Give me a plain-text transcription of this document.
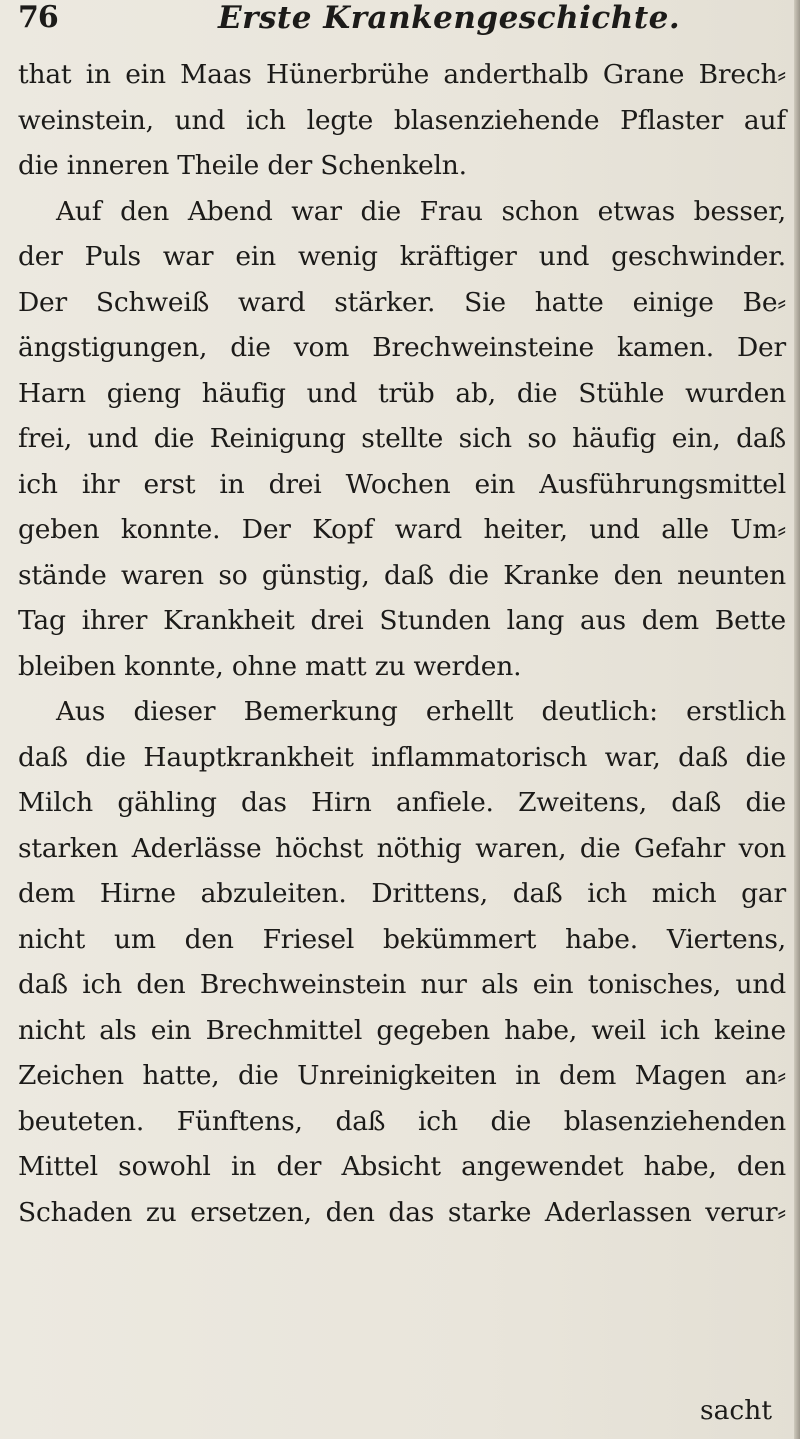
76	Erste Krankengeschichte.
that in ein Maas Hünerbrühe anderthalb Grane Brech⸗
weinstein, und ich legte blasenziehende Pflaster auf
die inneren Theile der Schenkeln.
Auf den Abend war die Frau schon etwas besser,
der Puls war ein wenig kräftiger und geschwinder.
Der Schweiß ward stärker. Sie hatte einige Be⸗
ängstigungen, die vom Brechweinsteine kamen. Der
Harn gieng häufig und trüb ab, die Stühle wurden
frei, und die Reinigung stellte sich so häufig ein, daß
ich ihr erst in drei Wochen ein Ausführungsmittel
geben konnte. Der Kopf ward heiter, und alle Um⸗
stände waren so günstig, daß die Kranke den neunten
Tag ihrer Krankheit drei Stunden lang aus dem Bette
bleiben konnte, ohne matt zu werden.
Aus dieser Bemerkung erhellt deutlich: erstlich
daß die Hauptkrankheit inflammatorisch war, daß die
Milch gähling das Hirn anfiele. Zweitens, daß die
starken Aderlässe höchst nöthig waren, die Gefahr von
dem Hirne abzuleiten. Drittens, daß ich mich gar
nicht um den Friesel bekümmert habe. Viertens,
daß ich den Brechweinstein nur als ein tonisches, und
nicht als ein Brechmittel gegeben habe, weil ich keine
Zeichen hatte, die Unreinigkeiten in dem Magen an⸗
beuteten. Fünftens, daß ich die blasenziehenden
Mittel sowohl in der Absicht angewendet habe, den
Schaden zu ersetzen, den das starke Aderlassen verur⸗
sacht
